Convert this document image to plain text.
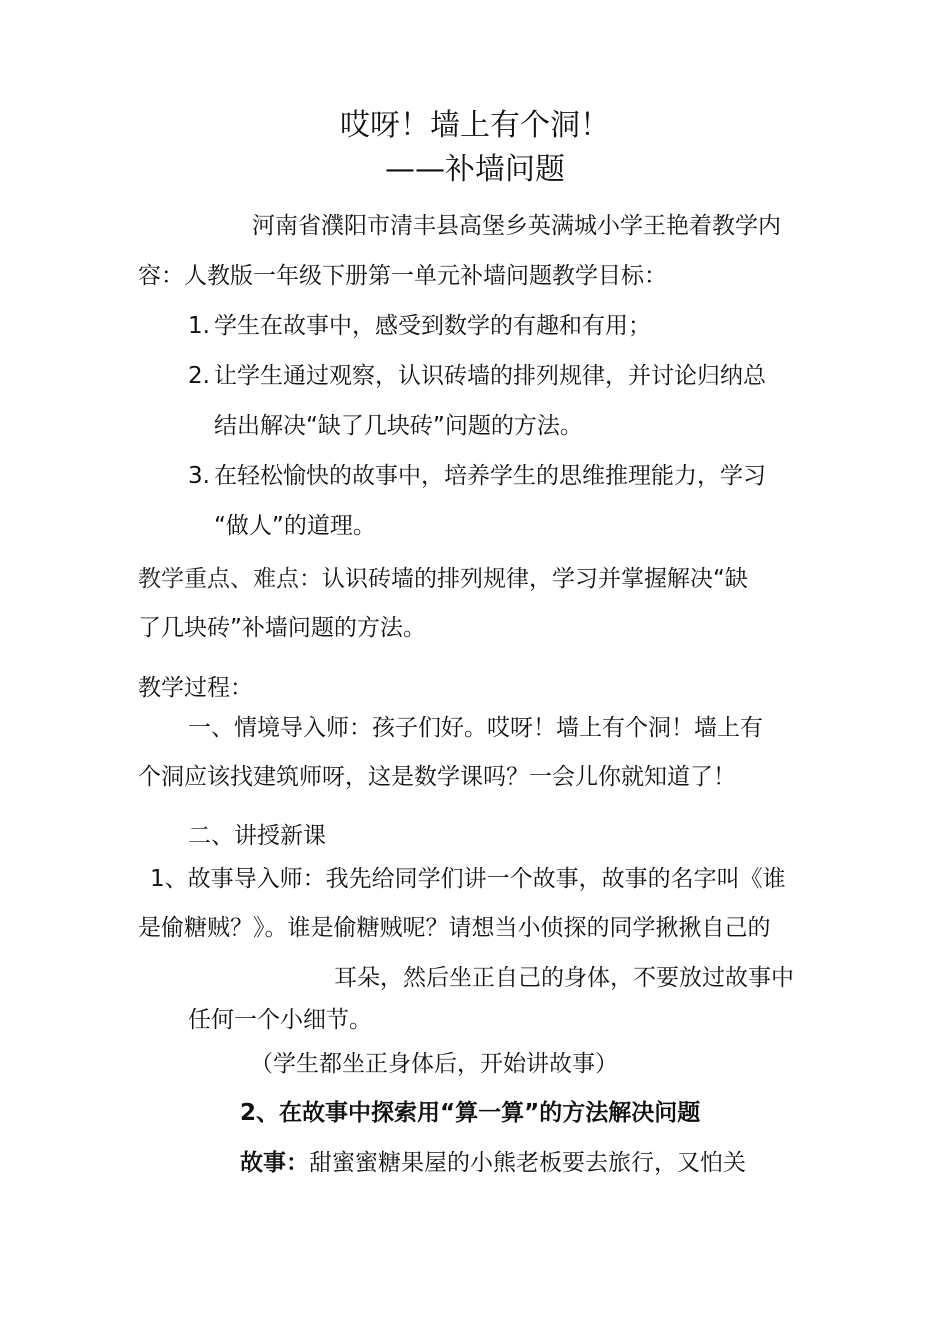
哎呀！墙上有个洞！
——补墙问题
河南省濮阳市清丰县高堡乡英满城小学王艳着教学内
容：人教版一年级下册第一单元补墙问题教学目标：
1. 学生在故事中，感受到数学的有趣和有用；
2. 让学生通过观察，认识砖墙的排列规律，并讨论归纳总
结出解决“缺了几块砖”问题的方法。
3. 在轻松愉快的故事中，培养学生的思维推理能力，学习
“做人”的道理。
教学重点、难点：认识砖墙的排列规律，学习并掌握解决“缺
了几块砖”补墙问题的方法。
教学过程：
一、情境导入师：孩子们好。哎呀！墙上有个洞！墙上有
个洞应该找建筑师呀，这是数学课吗？一会儿你就知道了！
二、讲授新课
1、故事导入师：我先给同学们讲一个故事，故事的名字叫《谁
是偷糖贼？》。谁是偷糖贼呢？请想当小侦探的同学揪揪自己的
耳朵，然后坐正自己的身体，不要放过故事中
任何一个小细节。
（学生都坐正身体后，开始讲故事）
2、在故事中探索用“算一算”的方法解决问题
故事：甜蜜蜜糖果屋的小熊老板要去旅行，又怕关
